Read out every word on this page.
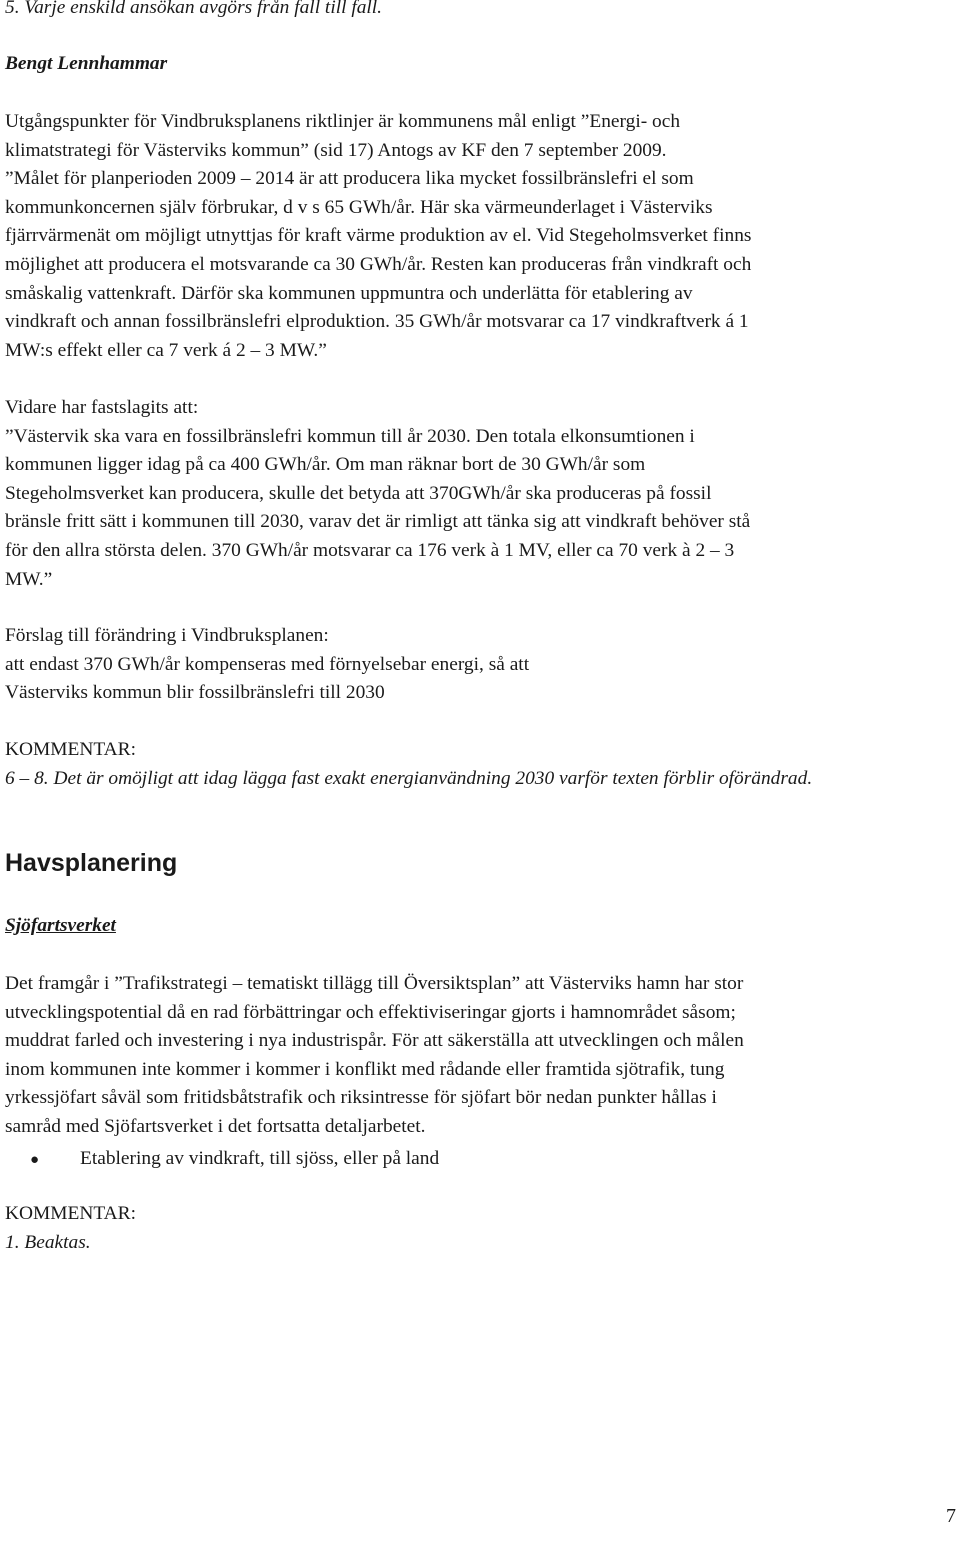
5. Varje enskild ansökan avgörs från fall till fall.

Bengt Lennhammar

Utgångspunkter för Vindbruksplanens riktlinjer är kommunens mål enligt ”Energi- och
klimatstrategi för Västerviks kommun” (sid 17) Antogs av KF den 7 september 2009.
”Målet för planperioden 2009 – 2014 är att producera lika mycket fossilbränslefri el som
kommunkoncernen själv förbrukar, d v s 65 GWh/år. Här ska värmeunderlaget i Västerviks
fjärrvärmenät om möjligt utnyttjas för kraft värme produktion av el. Vid Stegeholmsverket finns
möjlighet att producera el motsvarande ca 30 GWh/år. Resten kan produceras från vindkraft och
småskalig vattenkraft. Därför ska kommunen uppmuntra och underlätta för etablering av
vindkraft och annan fossilbränslefri elproduktion. 35 GWh/år motsvarar ca 17 vindkraftverk á 1
MW:s effekt eller ca 7 verk á 2 – 3 MW.”

Vidare har fastslagits att:
”Västervik ska vara en fossilbränslefri kommun till år 2030. Den totala elkonsumtionen i
kommunen ligger idag på ca 400 GWh/år. Om man räknar bort de 30 GWh/år som
Stegeholmsverket kan producera, skulle det betyda att 370GWh/år ska produceras på fossil
bränsle fritt sätt i kommunen till 2030, varav det är rimligt att tänka sig att vindkraft behöver stå
för den allra största delen. 370 GWh/år motsvarar ca 176 verk à 1 MV, eller ca 70 verk à 2 – 3
MW.”

Förslag till förändring i Vindbruksplanen:
att endast 370 GWh/år kompenseras med förnyelsebar energi, så att
Västerviks kommun blir fossilbränslefri till 2030

KOMMENTAR:
6 – 8. Det är omöjligt att idag lägga fast exakt energianvändning 2030 varför texten förblir oförändrad.
Havsplanering

Sjöfartsverket

Det framgår i ”Trafikstrategi – tematiskt tillägg till Översiktsplan” att Västerviks hamn har stor
utvecklingspotential då en rad förbättringar och effektiviseringar gjorts i hamnområdet såsom;
muddrat farled och investering i nya industrispår. För att säkerställa att utvecklingen och målen
inom kommunen inte kommer i kommer i konflikt med rådande eller framtida sjötrafik, tung
yrkessjöfart såväl som fritidsbåtstrafik och riksintresse för sjöfart bör nedan punkter hållas i
samråd med Sjöfartsverket i det fortsatta detaljarbetet.

●	Etablering av vindkraft, till sjöss, eller på land
KOMMENTAR:
1. Beaktas.
7
